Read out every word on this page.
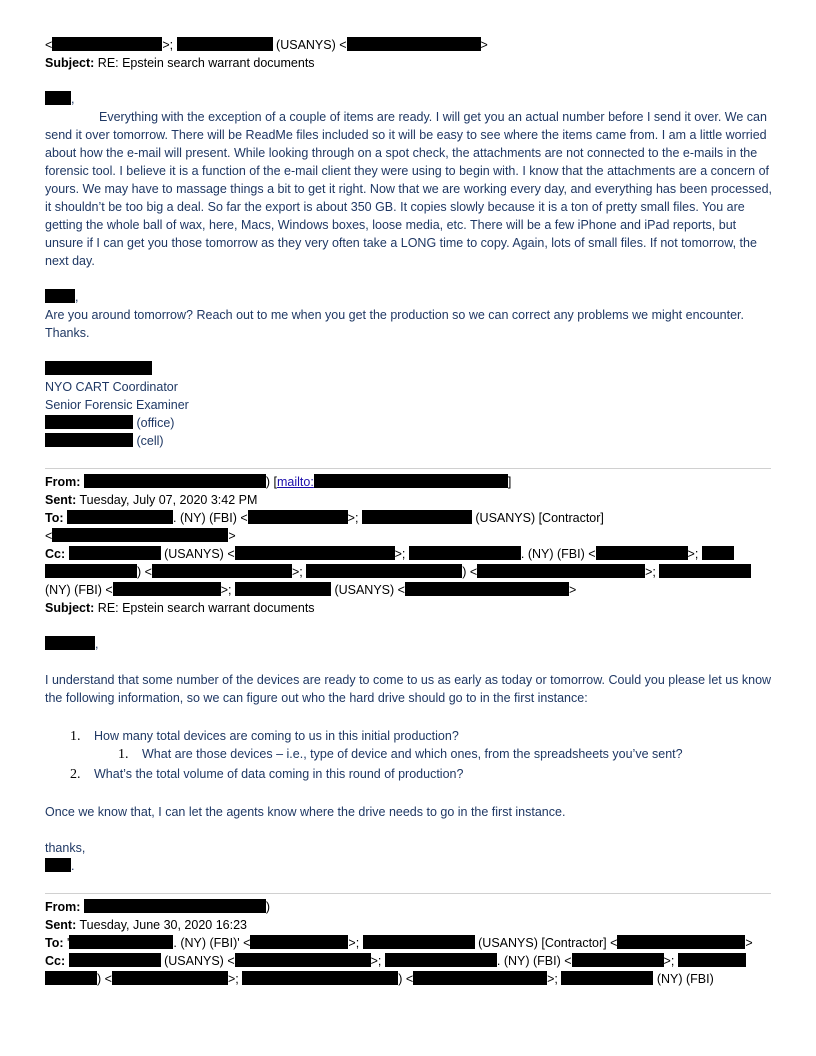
<	>;	(USANYS) <	>
Subject: RE: Epstein search warrant documents
,
Everything with the exception of a couple of items are ready. I will get you an actual number before I send it over. We can send it over tomorrow. There will be ReadMe files included so it will be easy to see where the items came from. I am a little worried about how the e-mail will present. While looking through on a spot check, the attachments are not connected to the e-mails in the forensic tool. I believe it is a function of the e-mail client they were using to begin with. I know that the attachments are a concern of yours. We may have to massage things a bit to get it right. Now that we are working every day, and everything has been processed, it shouldn’t be too big a deal. So far the export is about 350 GB. It copies slowly because it is a ton of pretty small files. You are getting the whole ball of wax, here, Macs, Windows boxes, loose media, etc. There will be a few iPhone and iPad reports, but unsure if I can get you those tomorrow as they very often take a LONG time to copy. Again, lots of small files. If not tomorrow, the next day.
,
Are you around tomorrow? Reach out to me when you get the production so we can correct any problems we might encounter. Thanks.
NYO CART Coordinator
Senior Forensic Examiner
(office)
(cell)
From:	) [mailto:	]
Sent: Tuesday, July 07, 2020 3:42 PM
To:	. (NY) (FBI) <	>;	(USANYS) [Contractor]
<	>
Cc:	(USANYS) <	>;	. (NY) (FBI) <	>;
) <	>;	) <	>;
(NY) (FBI) <	>;	(USANYS) <	>
Subject: RE: Epstein search warrant documents
,
I understand that some number of the devices are ready to come to us as early as today or tomorrow. Could you please let us know the following information, so we can figure out who the hard drive should go to in the first instance:
1. How many total devices are coming to us in this initial production?
1. What are those devices – i.e., type of device and which ones, from the spreadsheets you’ve sent?
2. What’s the total volume of data coming in this round of production?
Once we know that, I can let the agents know where the drive needs to go in the first instance.
thanks,
.
From:	)
Sent: Tuesday, June 30, 2020 16:23
To: '	. (NY) (FBI)' <	>;	(USANYS) [Contractor] <	>
Cc:	(USANYS) <	>;	. (NY) (FBI) <	>;
) <	>;	) <	>;	(NY) (FBI)
